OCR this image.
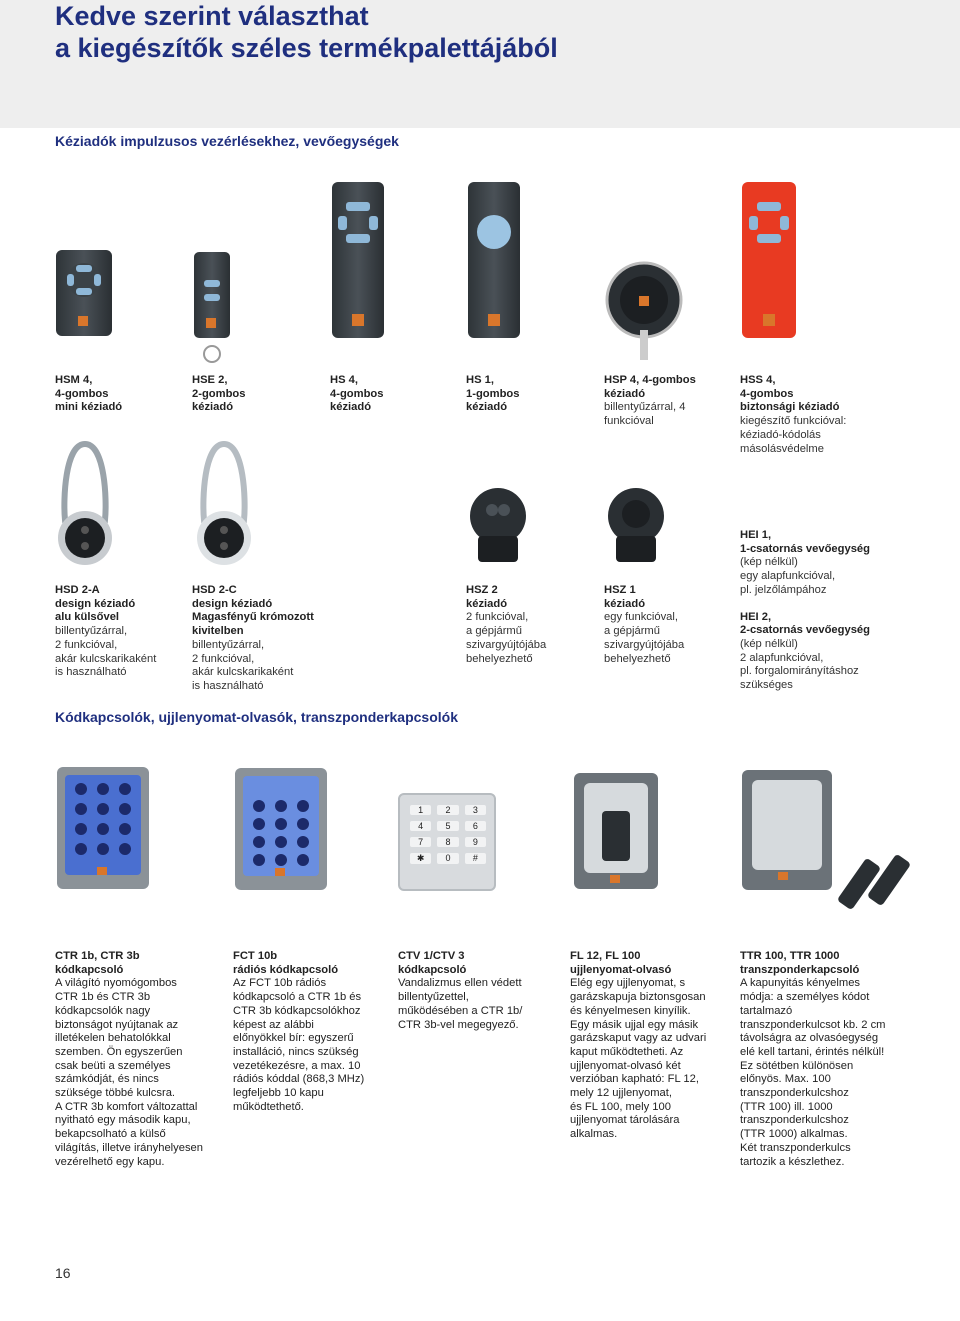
Kedve szerint választhat
a kiegészítők széles termékpalettájából
Kéziadók impulzusos vezérlésekhez, vevőegységek
HSM 4,
4-gombos
mini kéziadó
HSE 2,
2-gombos
kéziadó
HS 4,
4-gombos
kéziadó
HS 1,
1-gombos
kéziadó
HSP 4, 4-gombos
kéziadó
billentyűzárral, 4
funkcióval
HSS 4,
4-gombos
biztonsági kéziadó
kiegészítő funkcióval:
kéziadó-kódolás
másolásvédelme
HSD 2-A
design kéziadó
alu külsővel
billentyűzárral,
2 funkcióval,
akár kulcskarikaként
is használható
HSD 2-C
design kéziadó
Magasfényű krómozott
kivitelben
billentyűzárral,
2 funkcióval,
akár kulcskarikaként
is használható
HSZ 2
kéziadó
2 funkcióval,
a gépjármű
szivargyújtójába
behelyezhető
HSZ 1
kéziadó
egy funkcióval,
a gépjármű
szivargyújtójába
behelyezhető
HEI 1,
1-csatornás vevőegység
(kép nélkül)
egy alapfunkcióval,
pl. jelzőlámpához
HEI 2,
2-csatornás vevőegység
(kép nélkül)
2 alapfunkcióval,
pl. forgalomirányításhoz
szükséges
Kódkapcsolók, ujjlenyomat-olvasók, transzponderkapcsolók
1	2	3
4	5	6
7	8	9
✱	0	#
CTR 1b, CTR 3b
kódkapcsoló
A világító nyomógombos
CTR 1b és CTR 3b
kódkapcsolók nagy
biztonságot nyújtanak az
illetékelen behatolókkal
szemben. Ön egyszerűen
csak beüti a személyes
számkódját, és nincs
szüksége többé kulcsra.
A CTR 3b komfort változattal
nyitható egy második kapu,
bekapcsolható a külső
világítás, illetve irányhelyesen
vezérelhető egy kapu.
FCT 10b
rádiós kódkapcsoló
Az FCT 10b rádiós
kódkapcsoló a CTR 1b és
CTR 3b kódkapcsolókhoz
képest az alábbi
előnyökkel bír: egyszerű
installáció, nincs szükség
vezetékezésre, a max. 10
rádiós kóddal (868,3 MHz)
legfeljebb 10 kapu
működtethető.
CTV 1/CTV 3
kódkapcsoló
Vandalizmus ellen védett
billentyűzettel,
működésében a CTR 1b/
CTR 3b-vel megegyező.
FL 12, FL 100
ujjlenyomat-olvasó
Elég egy ujjlenyomat, s
garázskapuja biztonsgosan
és kényelmesen kinyílik.
Egy másik ujjal egy másik
garázskaput vagy az udvari
kaput működtetheti. Az
ujjlenyomat-olvasó két
verzióban kapható: FL 12,
mely 12 ujjlenyomat,
és FL 100, mely 100
ujjlenyomat tárolására
alkalmas.
TTR 100, TTR 1000
transzponderkapcsoló
A kapunyitás kényelmes
módja: a személyes kódot
tartalmazó
transzponderkulcsot kb. 2 cm
távolságra az olvasóegység
elé kell tartani, érintés nélkül!
Ez sötétben különösen
előnyös. Max. 100
transzponderkulcshoz
(TTR 100) ill. 1000
transzponderkulcshoz
(TTR 1000) alkalmas.
Két transzponderkulcs
tartozik a készlethez.
16
